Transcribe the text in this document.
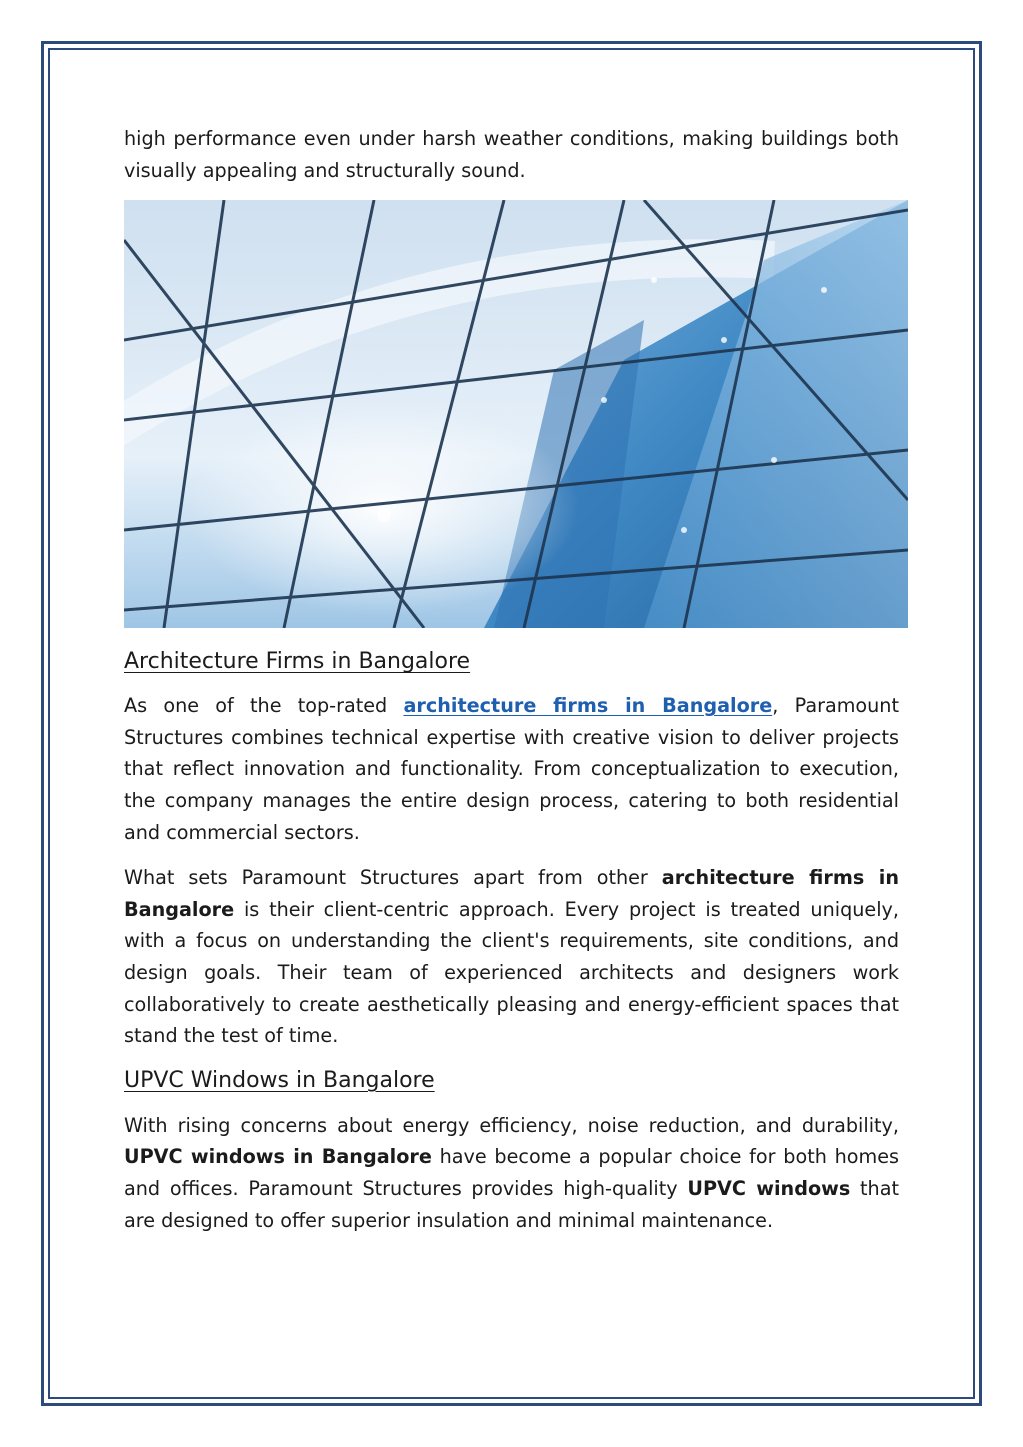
high performance even under harsh weather conditions, making buildings both visually appealing and structurally sound.

Architecture Firms in Bangalore

As one of the top-rated architecture firms in Bangalore, Paramount Structures combines technical expertise with creative vision to deliver projects that reflect innovation and functionality. From conceptualization to execution, the company manages the entire design process, catering to both residential and commercial sectors.

What sets Paramount Structures apart from other architecture firms in Bangalore is their client-centric approach. Every project is treated uniquely, with a focus on understanding the client's requirements, site conditions, and design goals. Their team of experienced architects and designers work collaboratively to create aesthetically pleasing and energy-efficient spaces that stand the test of time.

UPVC Windows in Bangalore

With rising concerns about energy efficiency, noise reduction, and durability, UPVC windows in Bangalore have become a popular choice for both homes and offices. Paramount Structures provides high-quality UPVC windows that are designed to offer superior insulation and minimal maintenance.
